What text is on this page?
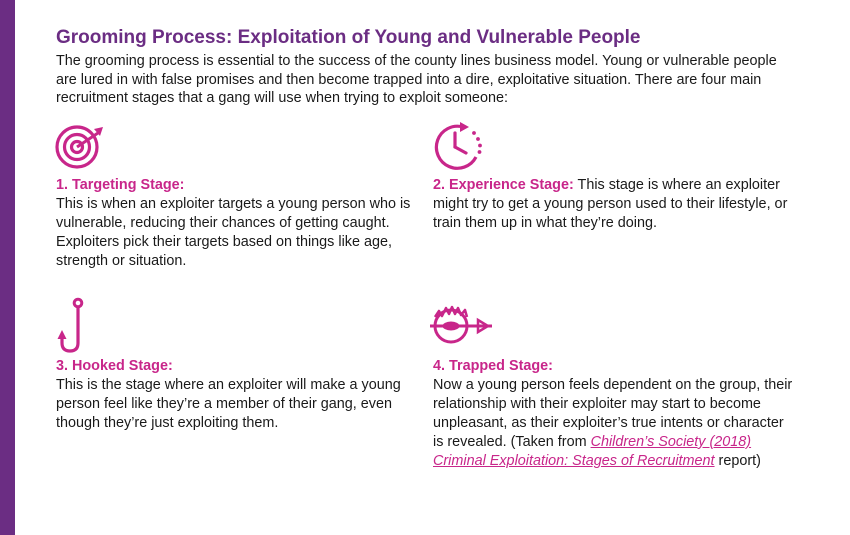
Grooming Process: Exploitation of Young and Vulnerable People

The grooming process is essential to the success of the county lines business model. Young or vulnerable people are lured in with false promises and then become trapped into a dire, exploitative situation. There are four main recruitment stages that a gang will use when trying to exploit someone:

1. Targeting Stage:
This is when an exploiter targets a young person who is vulnerable, reducing their chances of getting caught. Exploiters pick their targets based on things like age, strength or situation.

2. Experience Stage: This stage is where an exploiter might try to get a young person used to their lifestyle, or train them up in what they’re doing.

3. Hooked Stage:
This is the stage where an exploiter will make a young person feel like they’re a member of their gang, even though they’re just exploiting them.

4. Trapped Stage:
Now a young person feels dependent on the group, their relationship with their exploiter may start to become unpleasant, as their exploiter’s true intents or character is revealed. (Taken from Children’s Society (2018) Criminal Exploitation: Stages of Recruitment report)
